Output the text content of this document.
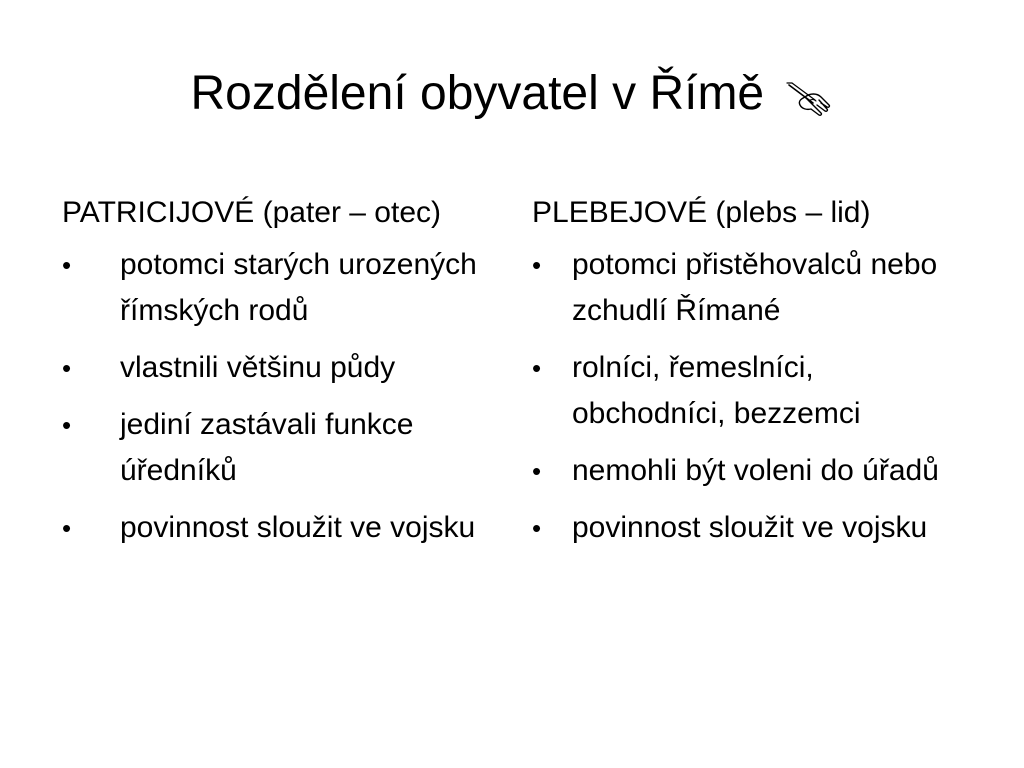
Rozdělení obyvatel v Římě
PATRICIJOVÉ (pater – otec)
• potomci starých urozených římských rodů
• vlastnili většinu půdy
• jediní zastávali funkce úředníků
• povinnost sloužit ve vojsku
PLEBEJOVÉ (plebs – lid)
• potomci přistěhovalců nebo zchudlí Římané
• rolníci, řemeslníci, obchodníci, bezzemci
• nemohli být voleni do úřadů
• povinnost sloužit ve vojsku
